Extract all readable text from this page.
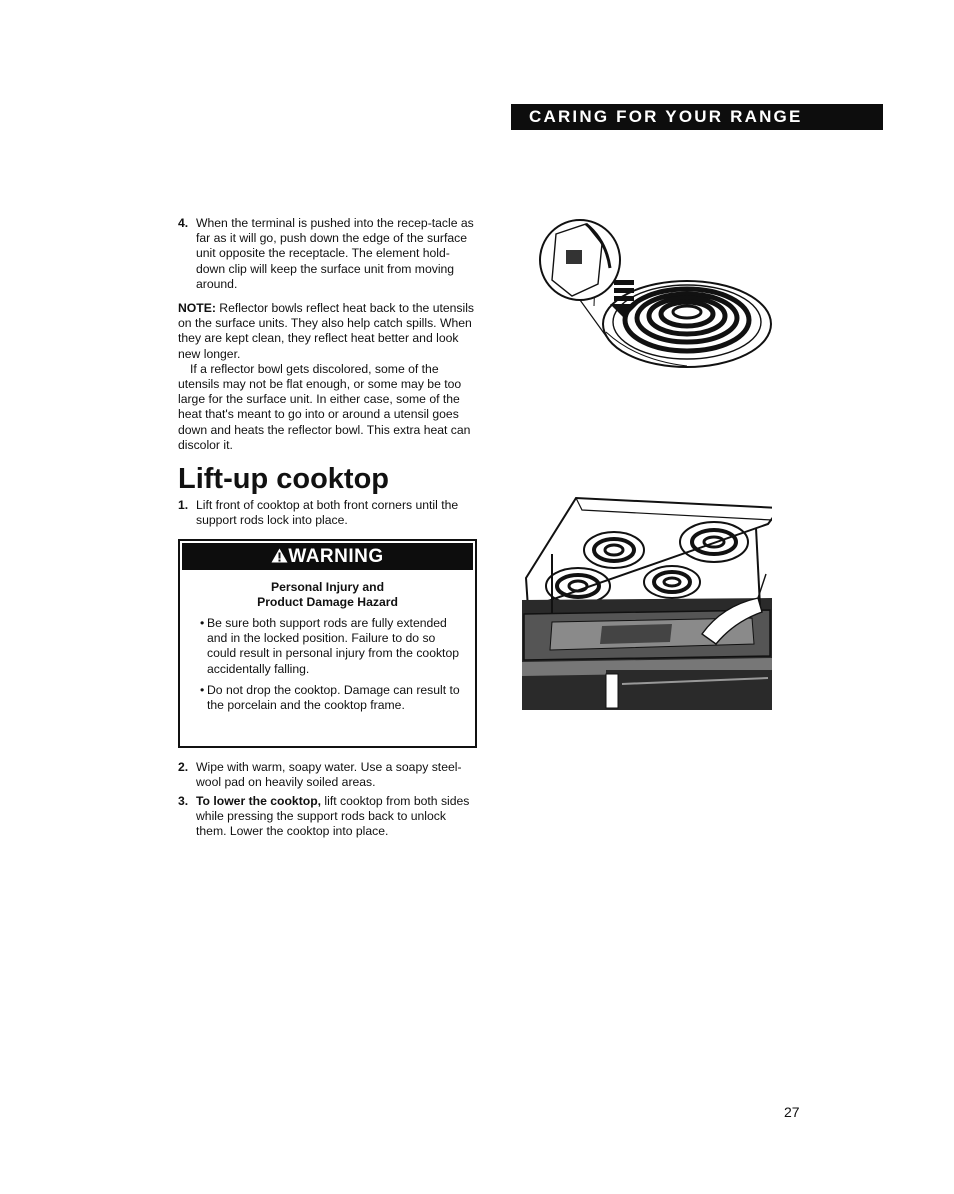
CARING FOR YOUR RANGE
4. When the terminal is pushed into the recep-tacle as far as it will go, push down the edge of the surface unit opposite the receptacle. The element hold-down clip will keep the surface unit from moving around.

NOTE: Reflector bowls reflect heat back to the utensils on the surface units. They also help catch spills. When they are kept clean, they reflect heat better and look new longer.

If a reflector bowl gets discolored, some of the utensils may not be flat enough, or some may be too large for the surface unit. In either case, some of the heat that's meant to go into or around a utensil goes down and heats the reflector bowl. This extra heat can discolor it.

Lift-up cooktop
1. Lift front of cooktop at both front corners until the support rods lock into place.
WARNING
Personal Injury and
Product Damage Hazard
• Be sure both support rods are fully extended and in the locked position. Failure to do so could result in personal injury from the cooktop accidentally falling.
• Do not drop the cooktop. Damage can result to the porcelain and the cooktop frame.
2. Wipe with warm, soapy water. Use a soapy steel-wool pad on heavily soiled areas.
3. To lower the cooktop, lift cooktop from both sides while pressing the support rods back to unlock them. Lower the cooktop into place.
27
